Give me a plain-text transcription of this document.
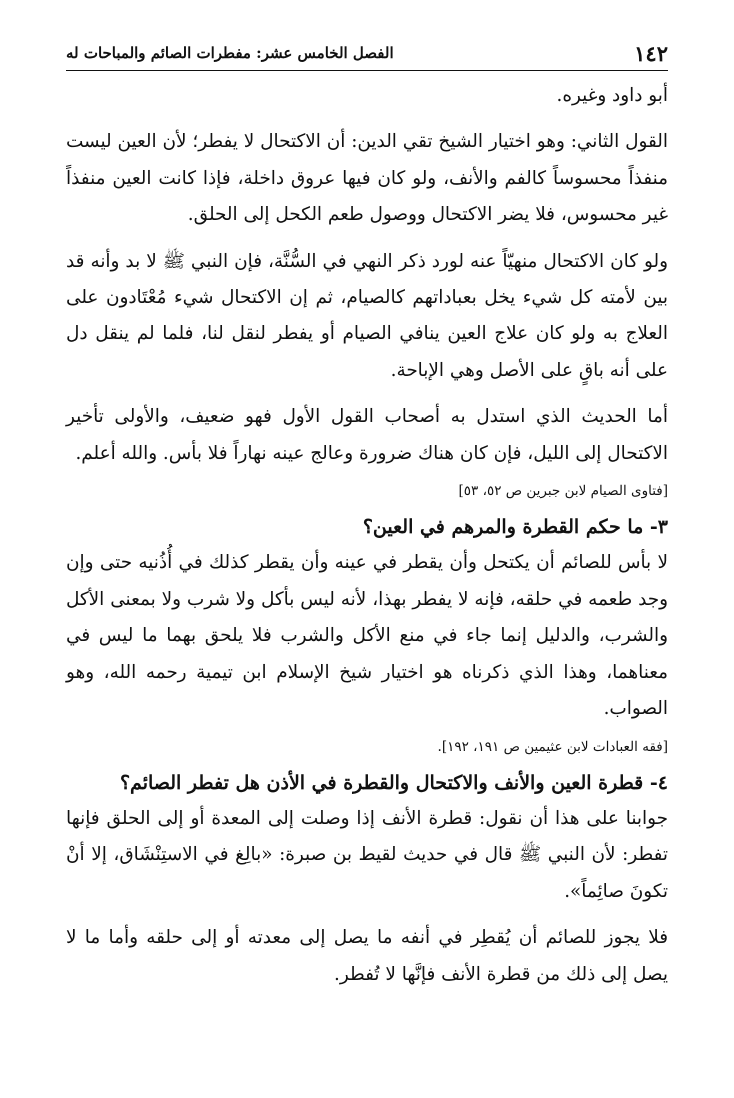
١٤٢
الفصل الخامس عشر: مفطرات الصائم والمباحات له

أبو داود وغيره.

القول الثاني: وهو اختيار الشيخ تقي الدين: أن الاكتحال لا يفطر؛ لأن العين ليست منفذاً محسوساً كالفم والأنف، ولو كان فيها عروق داخلة، فإذا كانت العين منفذاً غير محسوس، فلا يضر الاكتحال ووصول طعم الكحل إلى الحلق.

ولو كان الاكتحال منهيّاً عنه لورد ذكر النهي في السُّنَّة، فإن النبي ﷺ لا بد وأنه قد بين لأمته كل شيء يخل بعباداتهم كالصيام، ثم إن الاكتحال شيء مُعْتَادون على العلاج به ولو كان علاج العين ينافي الصيام أو يفطر لنقل لنا، فلما لم ينقل دل على أنه باقٍ على الأصل وهي الإباحة.

أما الحديث الذي استدل به أصحاب القول الأول فهو ضعيف، والأولى تأخير الاكتحال إلى الليل، فإن كان هناك ضرورة وعالج عينه نهاراً فلا بأس. والله أعلم.

[فتاوى الصيام لابن جبرين ص ٥٢، ٥٣]

٣- ما حكم القطرة والمرهم في العين؟

لا بأس للصائم أن يكتحل وأن يقطر في عينه وأن يقطر كذلك في أُذُنيه حتى وإن وجد طعمه في حلقه، فإنه لا يفطر بهذا، لأنه ليس بأكل ولا شرب ولا بمعنى الأكل والشرب، والدليل إنما جاء في منع الأكل والشرب فلا يلحق بهما ما ليس في معناهما، وهذا الذي ذكرناه هو اختيار شيخ الإسلام ابن تيمية رحمه الله، وهو الصواب.

[فقه العبادات لابن عثيمين ص ١٩١، ١٩٢].

٤- قطرة العين والأنف والاكتحال والقطرة في الأذن هل تفطر الصائم؟

جوابنا على هذا أن نقول: قطرة الأنف إذا وصلت إلى المعدة أو إلى الحلق فإنها تفطر: لأن النبي ﷺ قال في حديث لقيط بن صبرة: «بالِغ في الاستِنْشَاق، إلا أنْ تكونَ صائِماً».

فلا يجوز للصائم أن يُقطِر في أنفه ما يصل إلى معدته أو إلى حلقه وأما ما لا يصل إلى ذلك من قطرة الأنف فإنَّها لا تُفطر.
